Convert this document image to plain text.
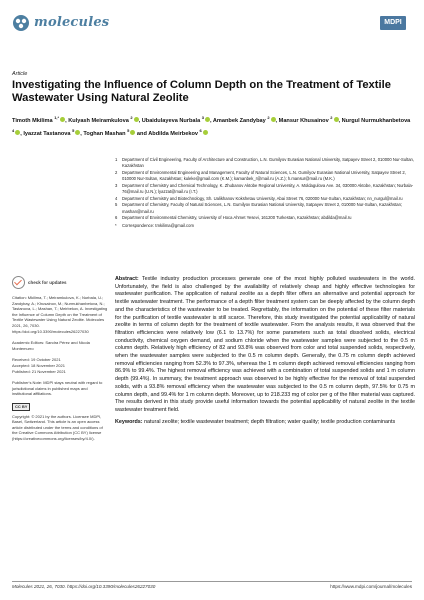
molecules	MDPI
Article
Investigating the Influence of Column Depth on the Treatment of Textile Wastewater Using Natural Zeolite
Timoth Mkilima $^{1,*}$, Kulyash Meiramkulova $^2$, Ubaidulayeva Nurbala $^3$, Amanbek Zandybay $^2$, Mansur Khusainov $^2$, Nurgul Nurmukhanbetova $^4$, Iyazzat Tastanova $^5$, Toghan Mashan $^5$ and Abdilda Meirbekov $^6$
1 Department of Civil Engineering, Faculty of Architecture and Construction, L.N. Gumilyov Eurasian National University, Satpayev Street 2, 010000 Nur-Sultan, Kazakhstan
2 Department of Environmental Engineering and Management, Faculty of Natural Sciences, L.N. Gumilyov Eurasian National University, Satpayev Street 2, 010000 Nur-Sultan, Kazakhstan; kuleke@gmail.com (K.M.); kamanbek_r@mail.ru (A.Z.); h.mansur@mail.ru (M.K.)
3 Department of Chemistry and Chemical Technology, K. Zhubanov Aktobe Regional University, A. Moldagulova Ave. 34, 030000 Aktobe, Kazakhstan; Nurbala-76@mail.ru (U.N.); lyazzat@mail.ru (I.T.)
4 Department of Chemistry and Biotechnology, Sh. Ualikhanov Kokshetau University, Abai Street 76, 020000 Nur-Sultan, Kazakhstan; nn_nurgul@mail.ru
5 Department of Chemistry, Faculty of Natural Sciences, L.N. Gumilyov Eurasian National University, Satpayev Street 2, 010000 Nur-Sultan, Kazakhstan; mashan@mail.ru
6 Department of Environmental Chemistry, University of Hoca Ahmet Yesevi, 161200 Turkestan, Kazakhstan; abdilda@mail.ru
* Correspondence: tmkilima@gmail.com
check for updates
Citation: Mkilima, T.; Meiramkulova, K.; Nurbala, U.; Zandybay, A.; Khusainov, M.; Nurmukhanbetova, N.; Tastanova, L.; Mashan, T.; Meirbekov, A. Investigating the Influence of Column Depth on the Treatment of Textile Wastewater Using Natural Zeolite. Molecules 2021, 26, 7030. https://doi.org/10.3390/molecules26227030
Academic Editors: Sandra Pérez and Nicola Montemurro
Received: 19 October 2021
Accepted: 18 November 2021
Published: 21 November 2021
Publisher's Note: MDPI stays neutral with regard to jurisdictional claims in published maps and institutional affiliations.
CC BY
Copyright: © 2021 by the authors. Licensee MDPI, Basel, Switzerland. This article is an open access article distributed under the terms and conditions of the Creative Commons Attribution (CC BY) license (https://creativecommons.org/licenses/by/4.0/).

Abstract: Textile industry production processes generate one of the most highly polluted wastewaters in the world. Unfortunately, the field is also challenged by the availability of relatively cheap and highly effective technologies for wastewater purification. The application of natural zeolite as a depth filter offers an alternative and potential approach for textile wastewater treatment. The performance of a depth filter treatment system can be deeply affected by the column depth and the characteristics of the wastewater to be treated. Regrettably, the information on the potential of these filter materials for the purification of textile wastewater is still scarce. Therefore, this study investigated the potential applicability of natural zeolite in terms of column depth for the treatment of textile wastewater. From the analysis results, it was observed that the filtration efficiencies were relatively low (6.1 to 13.7%) for some parameters such as total dissolved solids, electrical conductivity, chemical oxygen demand, and sodium chloride when the wastewater samples were subjected to the 0.5 m column depth. Relatively high efficiency of 82 and 93.8% was observed from color and total suspended solids, respectively, when the wastewater samples were subjected to the 0.5 m column depth. Generally, the 0.75 m column depth achieved removal efficiencies ranging from 52.3% to 97.3%, whereas the 1 m column depth achieved removal efficiencies ranging from 86.9% to 99.4%. The highest removal efficiency was achieved with a combination of total suspended solids and 1 m column depth (99.4%). In summary, the treatment approach was observed to be highly effective for the removal of total suspended solids, with a 93.8% removal efficiency when the wastewater was subjected to the 0.5 m column depth, 97.5% for 0.75 m column depth, and 99.4% for 1 m column depth. Moreover, up to 218.233 mg of color per g of the filter material was captured. The results derived in this study provide useful information towards the potential applicability of natural zeolite in the textile wastewater treatment field.

Keywords: natural zeolite; textile wastewater treatment; depth filtration; water quality; textile production contaminants

Molecules 2021, 26, 7030. https://doi.org/10.3390/molecules26227030	https://www.mdpi.com/journal/molecules
